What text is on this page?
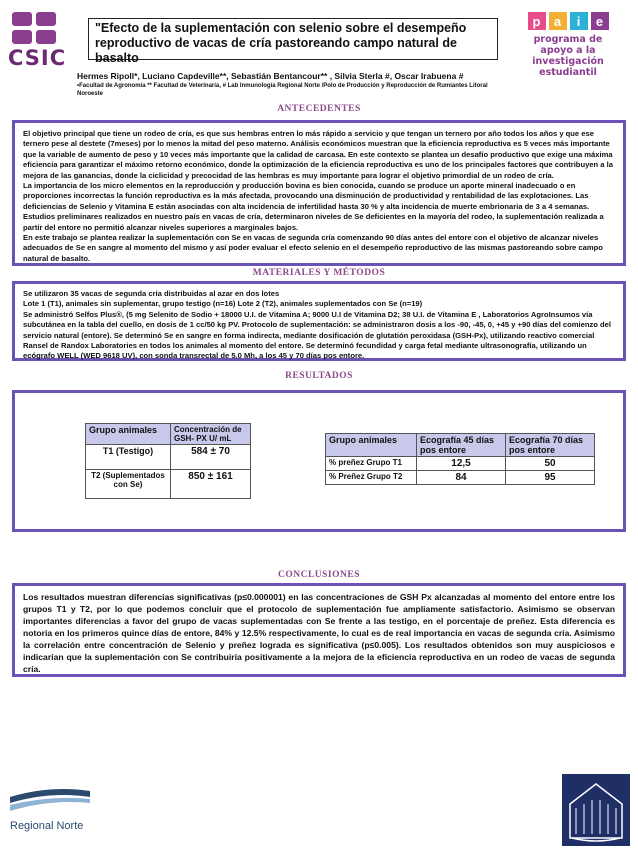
CSIC
"Efecto de la suplementación con selenio sobre el desempeño reproductivo de vacas de cría pastoreando campo natural de basalto
p	a	i	e
programa de
apoyo a la
investigación
estudiantil
Hermes Ripoll*, Luciano Capdeville**, Sebastián Bentancour** , Silvia Sterla #, Oscar Irabuena #
•Facultad de Agronomía ** Facultad de Veterinaria, # Lab Inmunología Regional Norte /Polo de Producción y Reproducción de Rumiantes Litoral Noroeste
ANTECEDENTES

El objetivo principal que tiene un rodeo de cría, es que sus hembras entren lo más rápido a servicio y que tengan un ternero por año todos los años y que ese ternero pese al destete (7meses) por lo menos la mitad del peso materno. Análisis económicos muestran que la eficiencia reproductiva es 5 veces más importante que la variable de aumento de peso y 10 veces más importante que la calidad de carcasa. En este contexto se plantea un desafío productivo que exige una máxima eficiencia para garantizar el máximo retorno económico, donde la optimización de la eficiencia reproductiva es uno de los principales factores que contribuyen a la mejora de las ganancias, donde la ciclicidad y precocidad de las hembras es muy importante para lograr el objetivo primordial de un rodeo de cría.

La importancia de los micro elementos en la reproducción y producción bovina es bien conocida, cuando se produce un aporte mineral inadecuado o en proporciones incorrectas la función reproductiva es la más afectada, provocando una disminución de productividad y rentabilidad de las explotaciones. Las deficiencias de Selenio y Vitamina E están asociadas con alta incidencia de infertilidad hasta 30 % y alta incidencia de muerte embrionaria de 3 a 4 semanas. Estudios preliminares realizados en nuestro país en vacas de cría, determinaron niveles de Se deficientes en la mayoría del rodeo, la suplementación realizada a partir del entore no permitió alcanzar niveles superiores a marginales bajos.

En este trabajo se plantea realizar la suplementación con Se en vacas de segunda cría comenzando 90 días antes del entore con el objetivo de alcanzar niveles adecuados de Se en sangre al momento del mismo y así poder evaluar el efecto selenio en el desempeño reproductivo de las mismas pastoreando sobre campo natural de basalto.

MATERIALES Y MÉTODOS

Se utilizaron 35 vacas de segunda cría distribuidas al azar en dos lotes

Lote 1 (T1), animales sin suplementar, grupo testigo (n=16) Lote 2 (T2), animales suplementados con Se (n=19)

Se administró Selfos Plus®, (5 mg Selenito de Sodio + 18000 U.I. de Vitamina A; 9000 U.I de Vitamina D2; 38 U.I. de Vitamina E , Laboratorios AgroInsumos vía subcutánea en la tabla del cuello, en dosis de 1 cc/50 kg PV. Protocolo de suplementación: se administraron dosis a los -90, -45, 0, +45 y +90 días del comienzo del servicio natural (entore). Se determinó Se en sangre en forma indirecta, mediante dosificación de glutatión peroxidasa (GSH-Px), utilizando reactivo comercial Ransel de Randox Laboratories en todos los animales al momento del entore. Se determinó fecundidad y carga fetal mediante ultrasonografía, utilizando un ecógrafo WELL (WED 9618 UV), con sonda transrectal de 5.0 Mh, a los 45 y 70 días pos entore.

RESULTADOS
Grupo animales	Concentración de GSH- PX U/ mL
T1 (Testigo)	584 ± 70
T2 (Suplementados con Se)	850 ± 161
Grupo animales	Ecografía 45 días pos entore	Ecografía 70 días pos entore
% preñez Grupo T1	12,5	50
% Preñez Grupo T2	84	95
CONCLUSIONES
Los resultados muestran diferencias significativas (p≤0.000001) en las concentraciones de GSH Px alcanzadas al momento del entore entre los grupos T1 y T2, por lo que podemos concluir que el protocolo de suplementación fue ampliamente satisfactorio. Asimismo se observan importantes diferencias a favor del grupo de vacas suplementadas con Se frente a las testigo, en el porcentaje de preñez. Esta diferencia es notoria en los primeros quince días de entore, 84% y 12.5% respectivamente, lo cual es de real importancia en vacas de segunda cría. Asimismo la correlación entre concentración de Selenio y preñez lograda es significativa (p≤0.005). Los resultados obtenidos son muy auspiciosos e indicarían que la suplementación con Se contribuiría positivamente a la mejora de la eficiencia reproductiva en un rodeo de vacas de segunda cría.
Regional Norte
